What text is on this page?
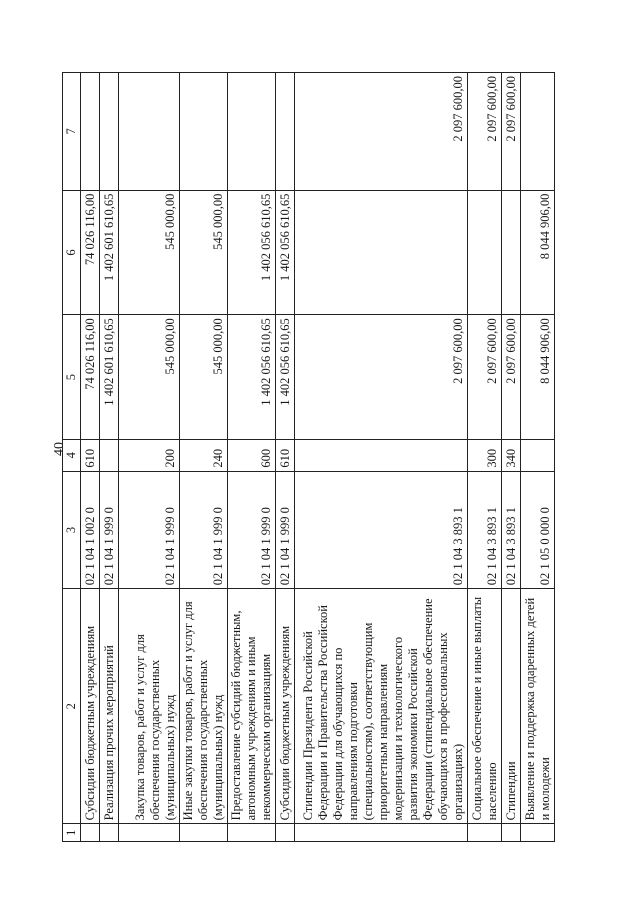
40
1	2	3	4	5	6	7
	Субсидии бюджетным учреждениям	02 1 04 1 002 0	610	74 026 116,00	74 026 116,00	
	Реализация прочих мероприятий	02 1 04 1 999 0		1 402 601 610,65	1 402 601 610,65	
	Закупка товаров, работ и услуг для обеспечения государственных (муниципальных) нужд	02 1 04 1 999 0	200	545 000,00	545 000,00	
	Иные закупки товаров, работ и услуг для обеспечения государственных (муниципальных) нужд	02 1 04 1 999 0	240	545 000,00	545 000,00	
	Предоставление субсидий бюджетным, автономным учреждениям и иным некоммерческим организациям	02 1 04 1 999 0	600	1 402 056 610,65	1 402 056 610,65	
	Субсидии бюджетным учреждениям	02 1 04 1 999 0	610	1 402 056 610,65	1 402 056 610,65	
	Стипендии Президента Российской Федерации и Правительства Российской Федерации для обучающихся по направлениям подготовки (специальностям), соответствующим приоритетным направлениям модернизации и технологического развития экономики Российской Федерации (стипендиальное обеспечение обучающихся в профессиональных организациях)	02 1 04 3 893 1		2 097 600,00		2 097 600,00
	Социальное обеспечение и иные выплаты населению	02 1 04 3 893 1	300	2 097 600,00		2 097 600,00
	Стипендии	02 1 04 3 893 1	340	2 097 600,00		2 097 600,00
	Выявление и поддержка одаренных детей и молодежи	02 1 05 0 000 0		8 044 906,00	8 044 906,00	
